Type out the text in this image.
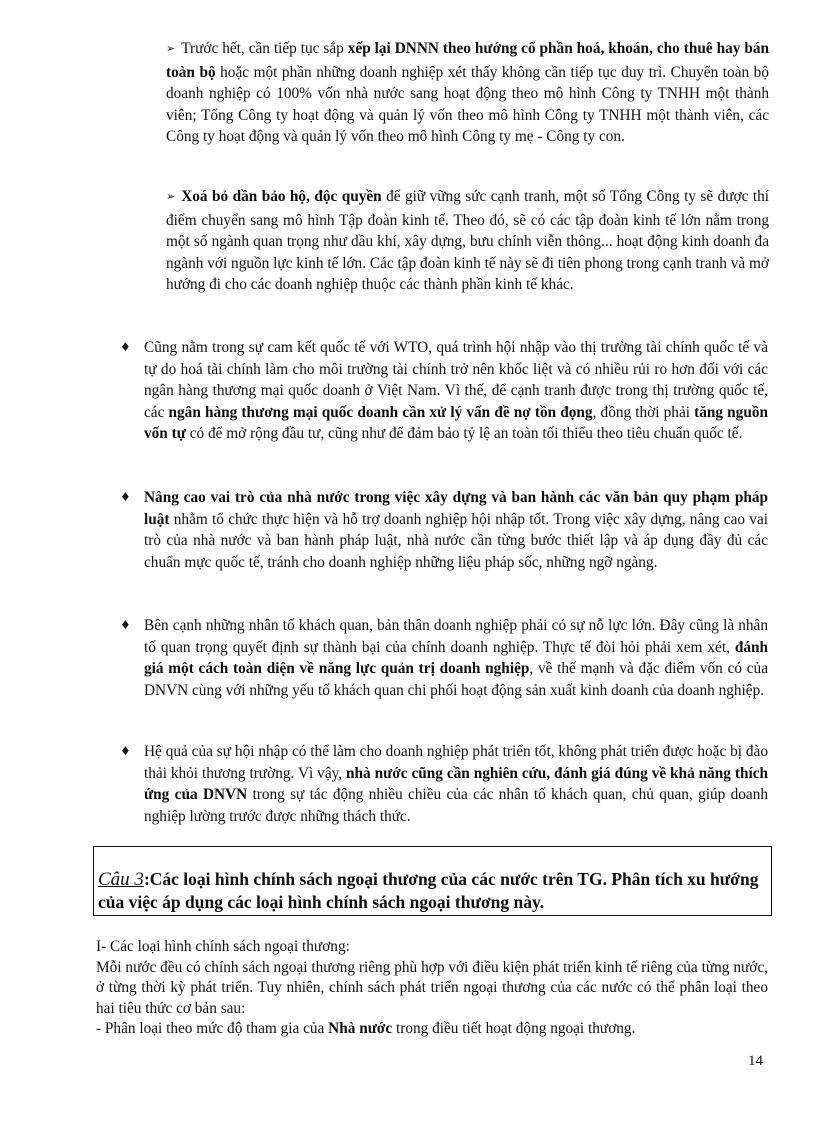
➢ Trước hết, cần tiếp tục sắp xếp lại DNNN theo hướng cổ phần hoá, khoán, cho thuê hay bán toàn bộ hoặc một phần những doanh nghiệp xét thấy không cần tiếp tục duy trì. Chuyển toàn bộ doanh nghiệp có 100% vốn nhà nước sang hoạt động theo mô hình Công ty TNHH một thành viên; Tổng Công ty hoạt động và quản lý vốn theo mô hình Công ty TNHH một thành viên, các Công ty hoạt động và quản lý vốn theo mô hình Công ty mẹ - Công ty con.

➢ Xoá bỏ dần bảo hộ, độc quyền để giữ vững sức cạnh tranh, một số Tổng Công ty sẽ được thí điểm chuyển sang mô hình Tập đoàn kinh tế. Theo đó, sẽ có các tập đoàn kinh tế lớn nằm trong một số ngành quan trọng như dầu khí, xây dựng, bưu chính viễn thông... hoạt động kinh doanh đa ngành với nguồn lực kinh tế lớn. Các tập đoàn kinh tế này sẽ đi tiên phong trong cạnh tranh và mở hướng đi cho các doanh nghiệp thuộc các thành phần kinh tế khác.

♦ Cũng nằm trong sự cam kết quốc tế với WTO, quá trình hội nhập vào thị trường tài chính quốc tế và tự do hoá tài chính làm cho môi trường tài chính trở nên khốc liệt và có nhiều rủi ro hơn đối với các ngân hàng thương mại quốc doanh ở Việt Nam. Vì thế, để cạnh tranh được trong thị trường quốc tế, các ngân hàng thương mại quốc doanh cần xử lý vấn đề nợ tồn đọng, đồng thời phải tăng nguồn vốn tự có để mở rộng đầu tư, cũng như để đảm bảo tỷ lệ an toàn tối thiểu theo tiêu chuẩn quốc tế.

♦ Nâng cao vai trò của nhà nước trong việc xây dựng và ban hành các văn bản quy phạm pháp luật nhằm tổ chức thực hiện và hỗ trợ doanh nghiệp hội nhập tốt. Trong việc xây dựng, nâng cao vai trò của nhà nước và ban hành pháp luật, nhà nước cần từng bước thiết lập và áp dụng đầy đủ các chuẩn mực quốc tế, tránh cho doanh nghiệp những liệu pháp sốc, những ngỡ ngàng.

♦ Bên cạnh những nhân tố khách quan, bản thân doanh nghiệp phải có sự nỗ lực lớn. Đây cũng là nhân tố quan trọng quyết định sự thành bại của chính doanh nghiệp. Thực tế đòi hỏi phải xem xét, đánh giá một cách toàn diện về năng lực quản trị doanh nghiệp, về thế mạnh và đặc điểm vốn có của DNVN cùng với những yếu tố khách quan chi phối hoạt động sản xuất kinh doanh của doanh nghiệp.

♦ Hệ quả của sự hội nhập có thể làm cho doanh nghiệp phát triển tốt, không phát triển được hoặc bị đào thải khỏi thương trường. Vì vậy, nhà nước cũng cần nghiên cứu, đánh giá đúng về khả năng thích ứng của DNVN trong sự tác động nhiều chiều của các nhân tố khách quan, chủ quan, giúp doanh nghiệp lường trước được những thách thức.

Câu 3:Các loại hình chính sách ngoại thương của các nước trên TG. Phân tích xu hướng của việc áp dụng các loại hình chính sách ngoại thương này.
I- Các loại hình chính sách ngoại thương:
Mỗi nước đều có chính sách ngoại thương riêng phù hợp với điều kiện phát triển kinh tế riêng của từng nước, ở từng thời kỳ phát triển. Tuy nhiên, chính sách phát triển ngoại thương của các nước có thể phân loại theo hai tiêu thức cơ bản sau:
- Phân loại theo mức độ tham gia của Nhà nước trong điều tiết hoạt động ngoại thương.
14
